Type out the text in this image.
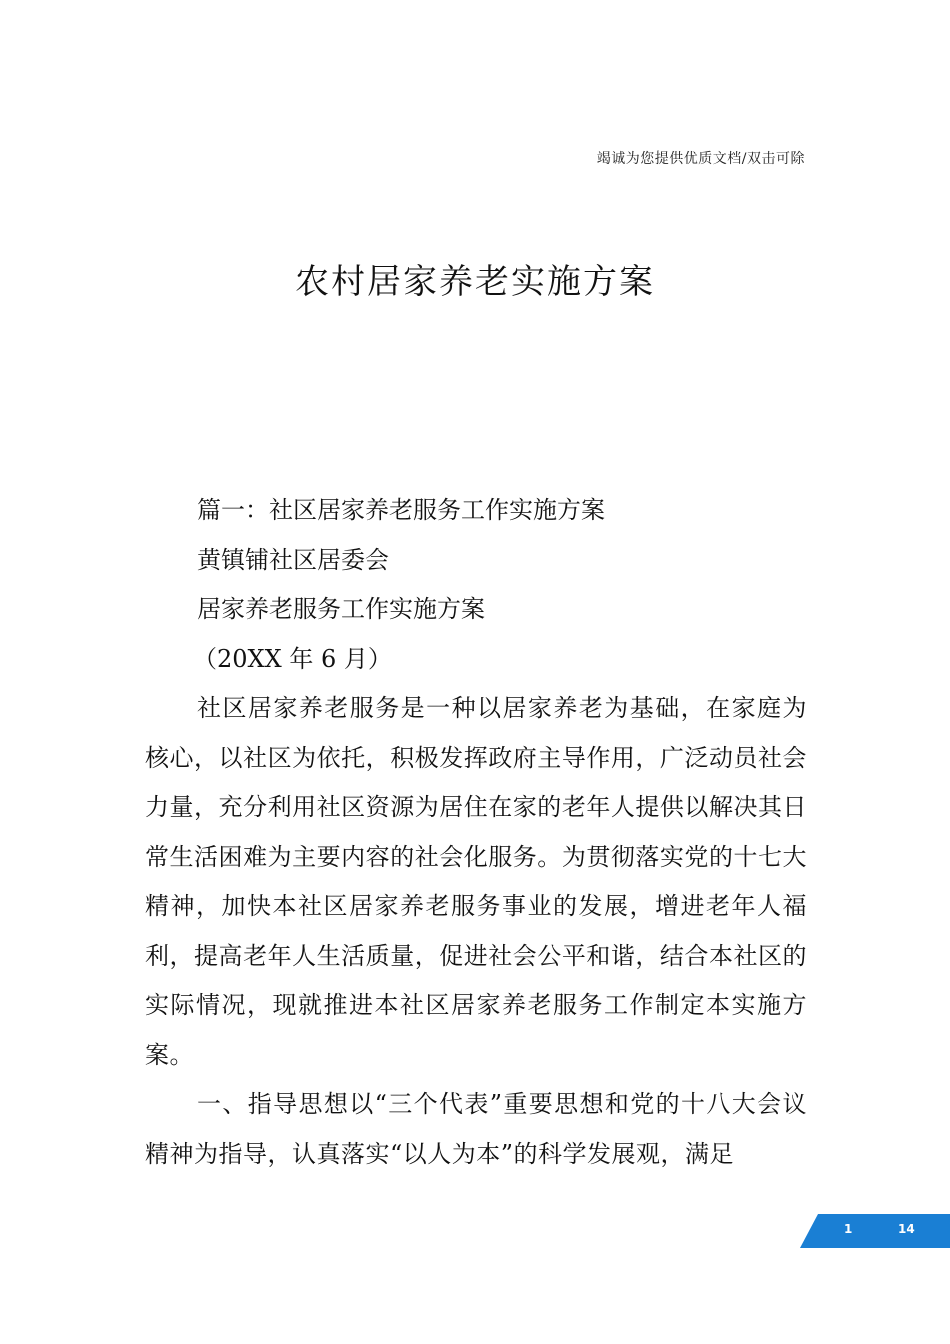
竭诚为您提供优质文档/双击可除
农村居家养老实施方案
篇一：社区居家养老服务工作实施方案
黄镇铺社区居委会
居家养老服务工作实施方案
（20XX 年 6 月）

社区居家养老服务是一种以居家养老为基础，在家庭为核心，以社区为依托，积极发挥政府主导作用，广泛动员社会力量，充分利用社区资源为居住在家的老年人提供以解决其日常生活困难为主要内容的社会化服务。为贯彻落实党的十七大精神，加快本社区居家养老服务事业的发展，增进老年人福利，提高老年人生活质量，促进社会公平和谐，结合本社区的实际情况，现就推进本社区居家养老服务工作制定本实施方案。

一、指导思想以“三个代表”重要思想和党的十八大会议精神为指导，认真落实“以人为本”的科学发展观，满足

1	14
